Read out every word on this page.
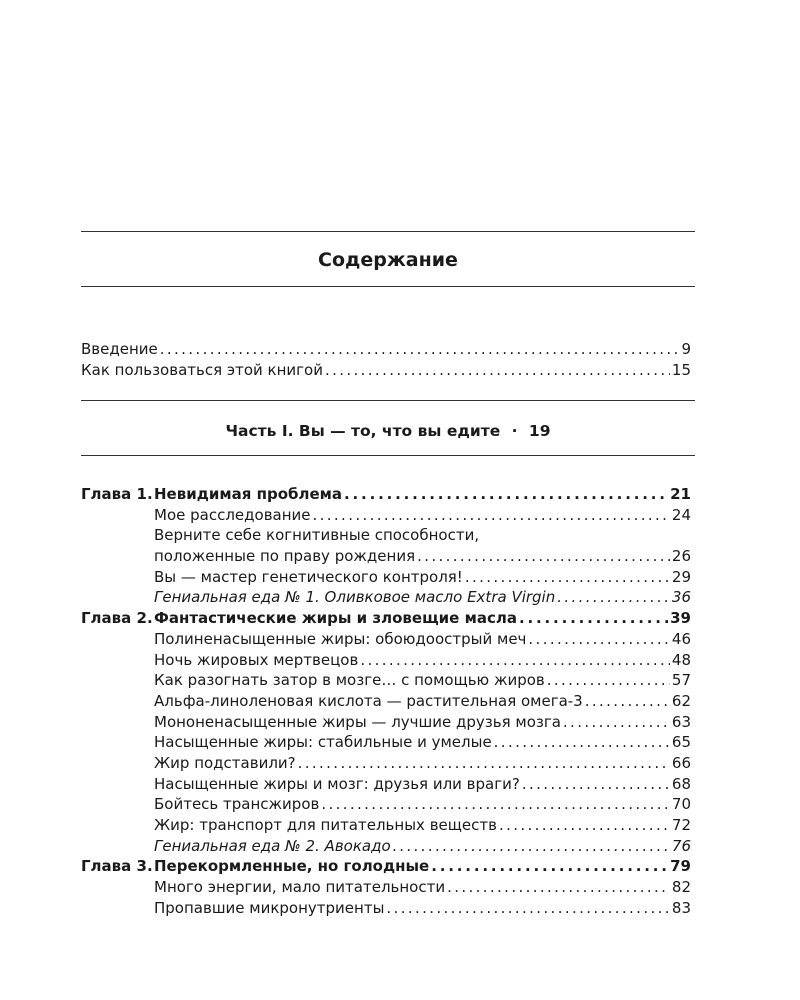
Содержание
Введение . . .	9
Как пользоваться этой книгой . . .	15
Часть I. Вы — то, что вы едите · 19
Глава 1. Невидимая проблема . . .	21
Мое расследование . . .	24
Верните себе когнитивные способности,
положенные по праву рождения . . .	26
Вы — мастер генетического контроля! . . .	29
Гениальная еда № 1. Оливковое масло Extra Virgin . . .	36
Глава 2. Фантастические жиры и зловещие масла . . .	39
Полиненасыщенные жиры: обоюдоострый меч . . .	46
Ночь жировых мертвецов . . .	48
Как разогнать затор в мозге… с помощью жиров . . .	57
Альфа-линоленовая кислота — растительная омега-3 . . .	62
Мононенасыщенные жиры — лучшие друзья мозга . . .	63
Насыщенные жиры: стабильные и умелые . . .	65
Жир подставили? . . .	66
Насыщенные жиры и мозг: друзья или враги? . . .	68
Бойтесь трансжиров . . .	70
Жир: транспорт для питательных веществ . . .	72
Гениальная еда № 2. Авокадо . . .	76
Глава 3. Перекормленные, но голодные . . .	79
Много энергии, мало питательности . . .	82
Пропавшие микронутриенты . . .	83
